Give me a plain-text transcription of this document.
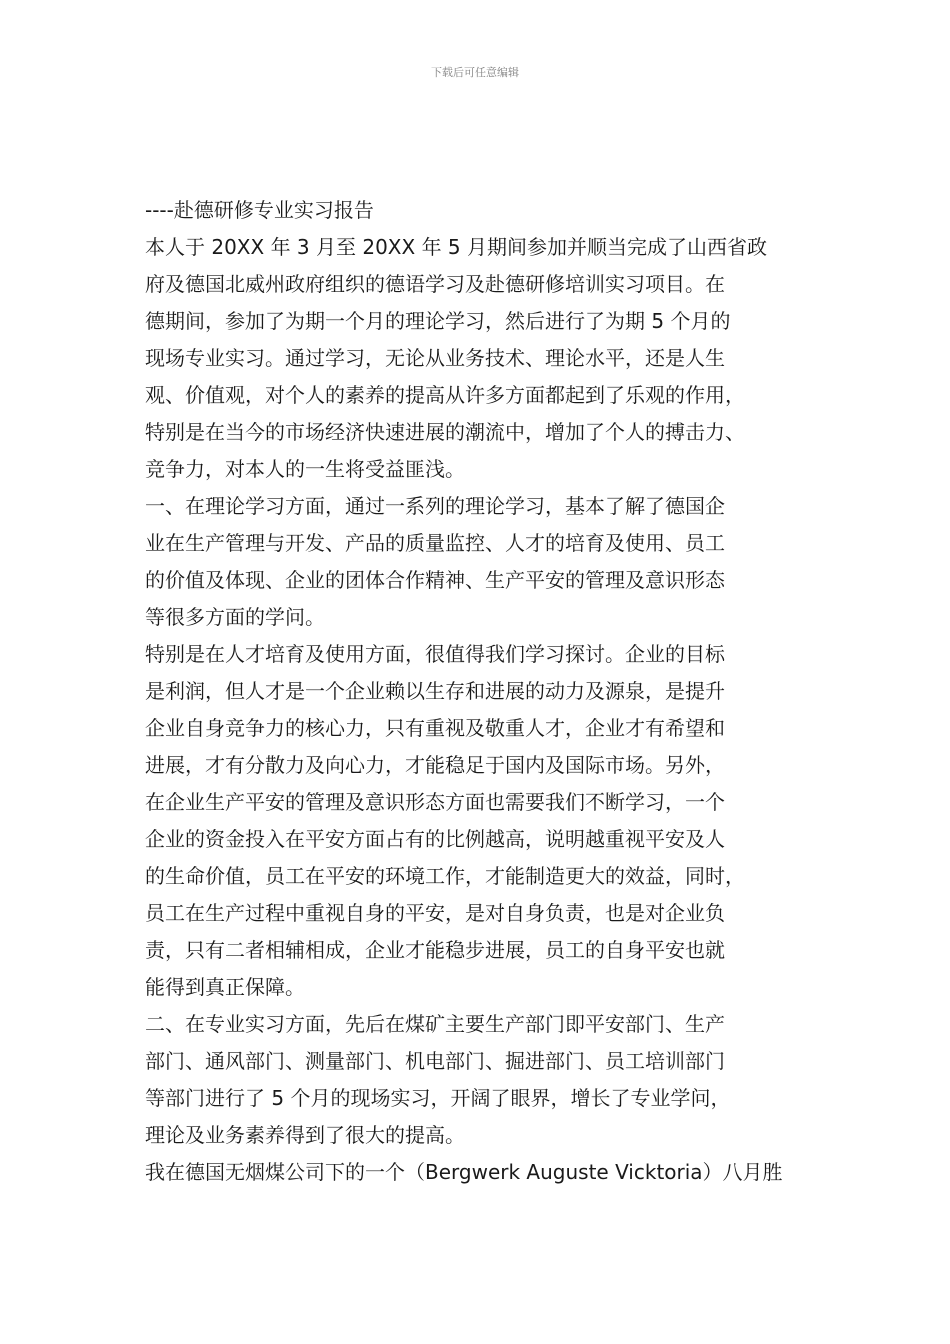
下载后可任意编辑
----赴德研修专业实习报告
本人于 20XX 年 3 月至 20XX 年 5 月期间参加并顺当完成了山西省政
府及德国北威州政府组织的德语学习及赴德研修培训实习项目。在
德期间，参加了为期一个月的理论学习，然后进行了为期 5 个月的
现场专业实习。通过学习，无论从业务技术、理论水平，还是人生
观、价值观，对个人的素养的提高从许多方面都起到了乐观的作用，
特别是在当今的市场经济快速进展的潮流中，增加了个人的搏击力、
竞争力，对本人的一生将受益匪浅。
一、在理论学习方面，通过一系列的理论学习，基本了解了德国企
业在生产管理与开发、产品的质量监控、人才的培育及使用、员工
的价值及体现、企业的团体合作精神、生产平安的管理及意识形态
等很多方面的学问。
特别是在人才培育及使用方面，很值得我们学习探讨。企业的目标
是利润，但人才是一个企业赖以生存和进展的动力及源泉，是提升
企业自身竞争力的核心力，只有重视及敬重人才，企业才有希望和
进展，才有分散力及向心力，才能稳足于国内及国际市场。另外，
在企业生产平安的管理及意识形态方面也需要我们不断学习，一个
企业的资金投入在平安方面占有的比例越高，说明越重视平安及人
的生命价值，员工在平安的环境工作，才能制造更大的效益，同时，
员工在生产过程中重视自身的平安，是对自身负责，也是对企业负
责，只有二者相辅相成，企业才能稳步进展，员工的自身平安也就
能得到真正保障。
二、在专业实习方面，先后在煤矿主要生产部门即平安部门、生产
部门、通风部门、测量部门、机电部门、掘进部门、员工培训部门
等部门进行了 5 个月的现场实习，开阔了眼界，增长了专业学问，
理论及业务素养得到了很大的提高。
我在德国无烟煤公司下的一个（Bergwerk Auguste Vicktoria）八月胜
